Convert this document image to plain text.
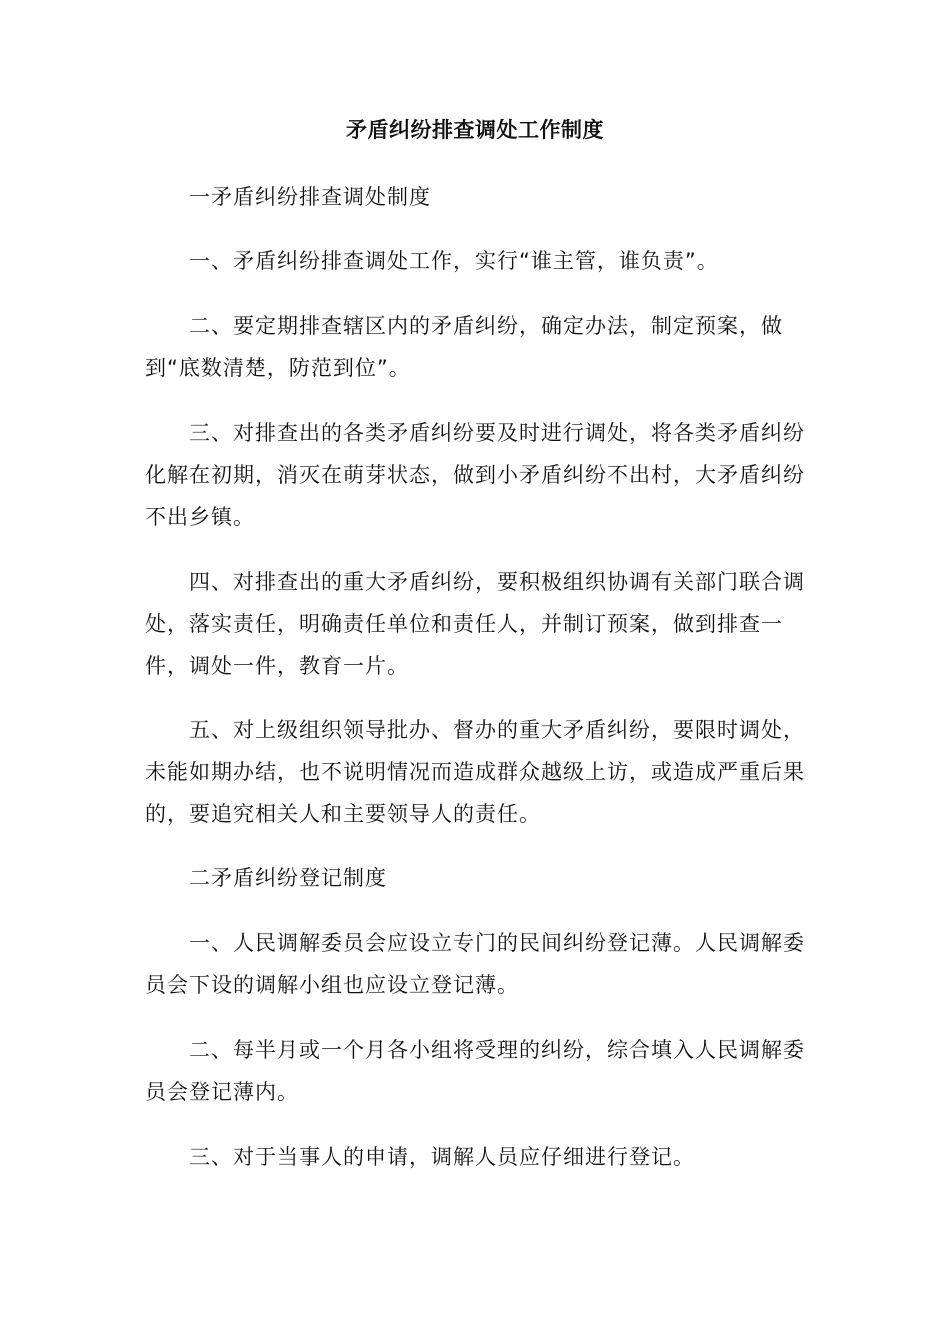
矛盾纠纷排查调处工作制度

一矛盾纠纷排查调处制度

一、矛盾纠纷排查调处工作，实行“谁主管，谁负责”。

二、要定期排查辖区内的矛盾纠纷，确定办法，制定预案，做到“底数清楚，防范到位”。

三、对排查出的各类矛盾纠纷要及时进行调处，将各类矛盾纠纷化解在初期，消灭在萌芽状态，做到小矛盾纠纷不出村，大矛盾纠纷不出乡镇。

四、对排查出的重大矛盾纠纷，要积极组织协调有关部门联合调处，落实责任，明确责任单位和责任人，并制订预案，做到排查一件，调处一件，教育一片。

五、对上级组织领导批办、督办的重大矛盾纠纷，要限时调处，未能如期办结，也不说明情况而造成群众越级上访，或造成严重后果的，要追究相关人和主要领导人的责任。

二矛盾纠纷登记制度

一、人民调解委员会应设立专门的民间纠纷登记薄。人民调解委员会下设的调解小组也应设立登记薄。

二、每半月或一个月各小组将受理的纠纷，综合填入人民调解委员会登记薄内。

三、对于当事人的申请，调解人员应仔细进行登记。
